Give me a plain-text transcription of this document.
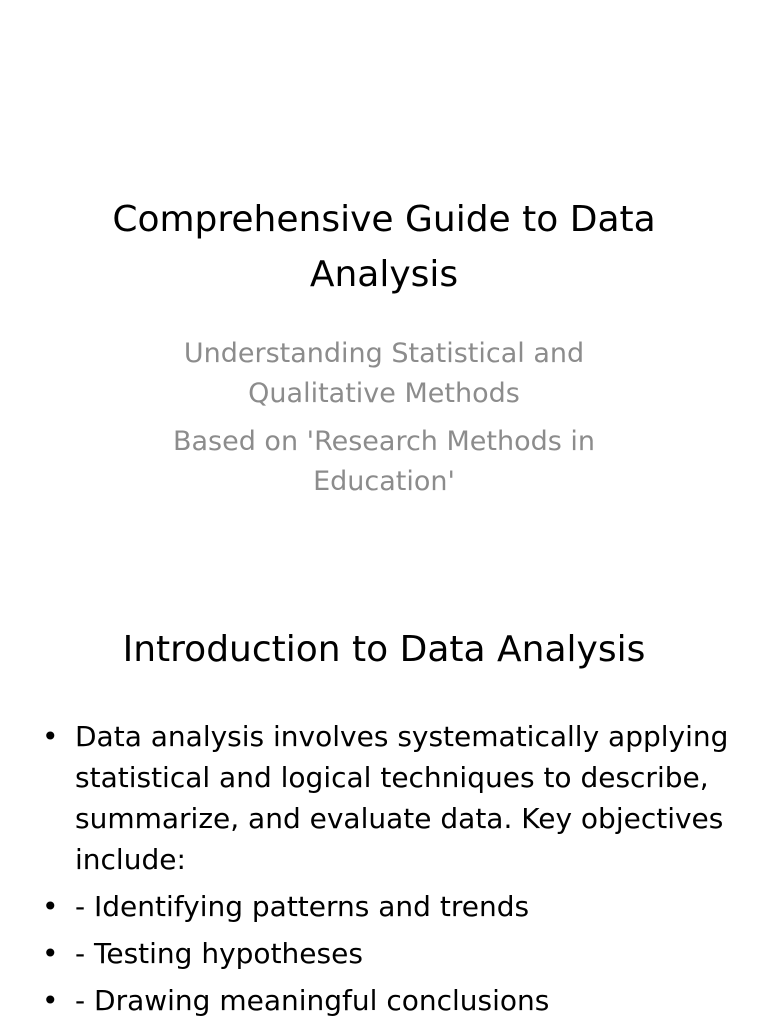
Comprehensive Guide to Data Analysis

Understanding Statistical and Qualitative Methods

Based on 'Research Methods in Education'

Introduction to Data Analysis
• Data analysis involves systematically applying statistical and logical techniques to describe, summarize, and evaluate data. Key objectives include:
• - Identifying patterns and trends
• - Testing hypotheses
• - Drawing meaningful conclusions
